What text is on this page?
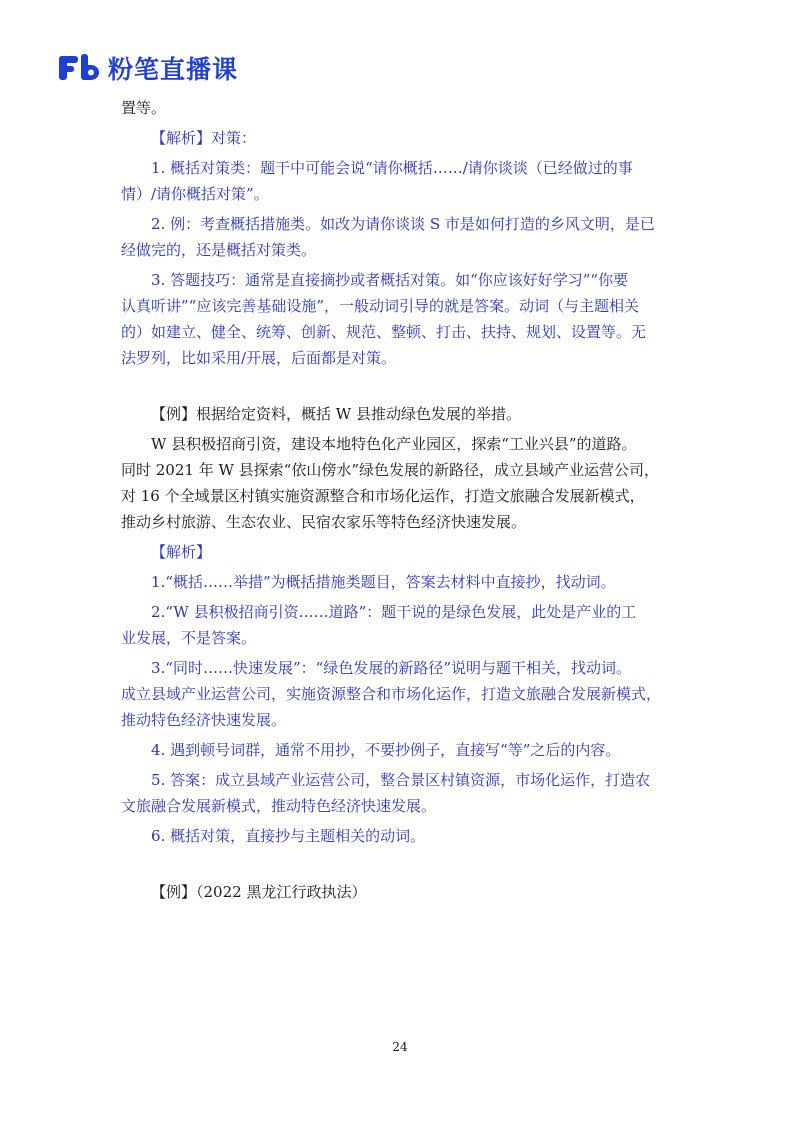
粉笔直播课
置等。
【解析】对策：
1. 概括对策类：题干中可能会说“请你概括……/请你谈谈（已经做过的事
情）/请你概括对策”。
2. 例：考查概括措施类。如改为请你谈谈 S 市是如何打造的乡风文明，是已
经做完的，还是概括对策类。
3. 答题技巧：通常是直接摘抄或者概括对策。如“你应该好好学习”“你要
认真听讲”“应该完善基础设施”，一般动词引导的就是答案。动词（与主题相关
的）如建立、健全、统筹、创新、规范、整顿、打击、扶持、规划、设置等。无
法罗列，比如采用/开展，后面都是对策。
【例】根据给定资料，概括 W 县推动绿色发展的举措。
W 县积极招商引资，建设本地特色化产业园区，探索“工业兴县”的道路。
同时 2021 年 W 县探索“依山傍水”绿色发展的新路径，成立县域产业运营公司，
对 16 个全域景区村镇实施资源整合和市场化运作，打造文旅融合发展新模式，
推动乡村旅游、生态农业、民宿农家乐等特色经济快速发展。
【解析】
1.“概括……举措”为概括措施类题目，答案去材料中直接抄，找动词。
2.“W 县积极招商引资……道路”：题干说的是绿色发展，此处是产业的工
业发展，不是答案。
3.“同时……快速发展”：“绿色发展的新路径”说明与题干相关，找动词。
成立县域产业运营公司，实施资源整合和市场化运作，打造文旅融合发展新模式，
推动特色经济快速发展。
4. 遇到顿号词群，通常不用抄，不要抄例子，直接写“等”之后的内容。
5. 答案：成立县域产业运营公司，整合景区村镇资源，市场化运作，打造农
文旅融合发展新模式，推动特色经济快速发展。
6. 概括对策，直接抄与主题相关的动词。
【例】（2022 黑龙江行政执法）
24
